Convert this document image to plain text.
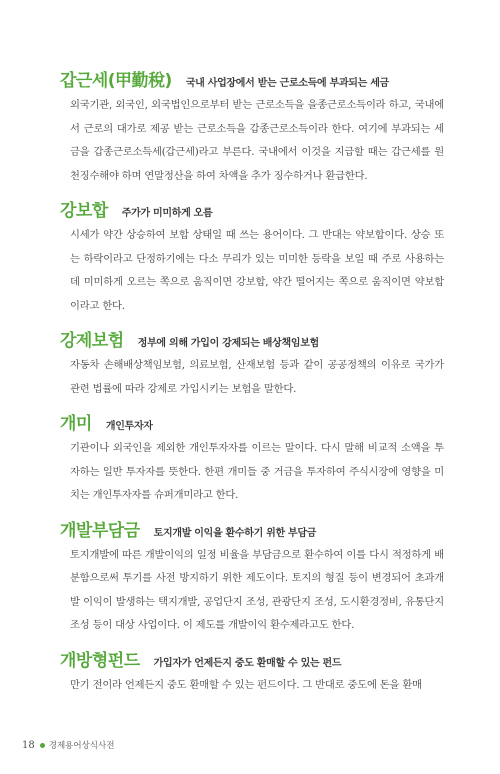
갑근세(甲勤稅) 국내 사업장에서 받는 근로소득에 부과되는 세금
외국기관, 외국인, 외국법인으로부터 받는 근로소득을 을종근로소득이라 하고, 국내에서 근로의 대가로 제공 받는 근로소득을 갑종근로소득이라 한다. 여기에 부과되는 세금을 갑종근로소득세(갑근세)라고 부른다. 국내에서 이것을 지급할 때는 갑근세를 원천징수해야 하며 연말정산을 하여 차액을 추가 징수하거나 환급한다.
강보합 주가가 미미하게 오름
시세가 약간 상승하여 보합 상태일 때 쓰는 용어이다. 그 반대는 약보합이다. 상승 또는 하락이라고 단정하기에는 다소 무리가 있는 미미한 등락을 보일 때 주로 사용하는데 미미하게 오르는 쪽으로 움직이면 강보합, 약간 떨어지는 쪽으로 움직이면 약보합이라고 한다.
강제보험 정부에 의해 가입이 강제되는 배상책임보험
자동차 손해배상책임보험, 의료보험, 산재보험 등과 같이 공공정책의 이유로 국가가 관련 법률에 따라 강제로 가입시키는 보험을 말한다.
개미 개인투자자
기관이나 외국인을 제외한 개인투자자를 이르는 말이다. 다시 말해 비교적 소액을 투자하는 일반 투자자를 뜻한다. 한편 개미들 중 거금을 투자하여 주식시장에 영향을 미치는 개인투자자를 슈퍼개미라고 한다.
개발부담금 토지개발 이익을 환수하기 위한 부담금
토지개발에 따른 개발이익의 일정 비율을 부담금으로 환수하여 이를 다시 적정하게 배분함으로써 투기를 사전 방지하기 위한 제도이다. 토지의 형질 등이 변경되어 초과개발 이익이 발생하는 택지개발, 공업단지 조성, 관광단지 조성, 도시환경정비, 유통단지 조성 등이 대상 사업이다. 이 제도를 개발이익 환수제라고도 한다.
개방형펀드 가입자가 언제든지 중도 환매할 수 있는 펀드
만기 전이라 언제든지 중도 환매할 수 있는 펀드이다. 그 반대로 중도에 돈을 환매
18 경제용어상식사전
